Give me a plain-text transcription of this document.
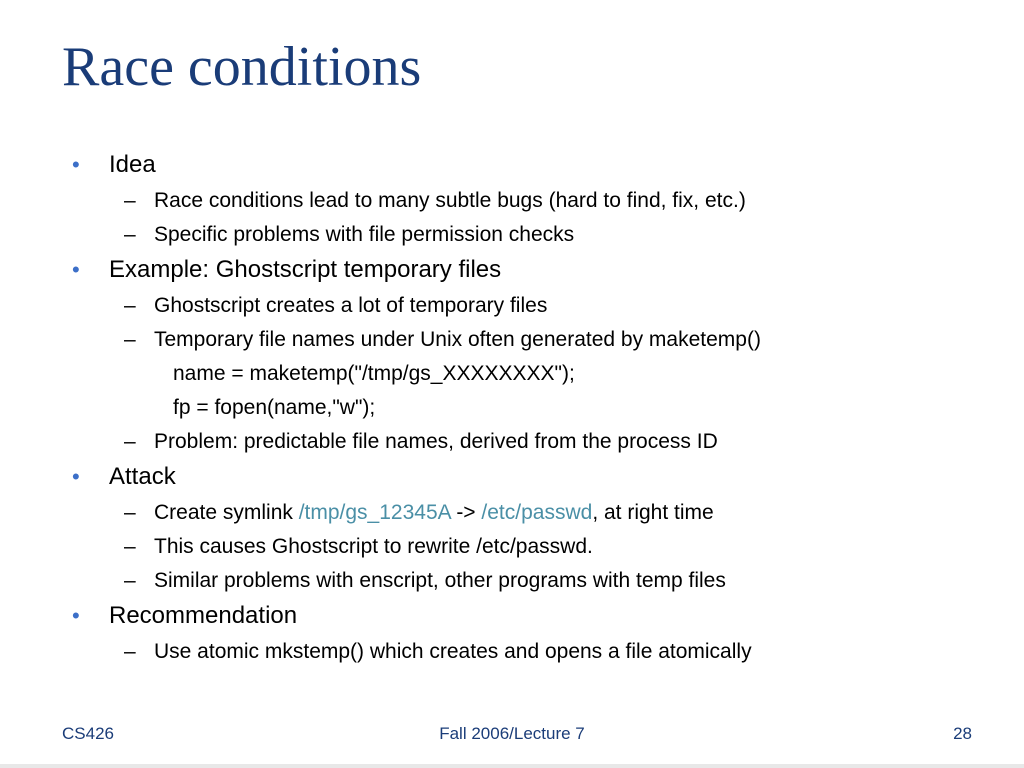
Race conditions
• Idea
– Race conditions lead to many subtle bugs (hard to find, fix, etc.)
– Specific problems with file permission checks
• Example: Ghostscript temporary files
– Ghostscript creates a lot of temporary files
– Temporary file names under Unix often generated by maketemp()
name = maketemp("/tmp/gs_XXXXXXXX");
fp = fopen(name,"w");
– Problem: predictable file names, derived from the process ID
• Attack
– Create symlink /tmp/gs_12345A -> /etc/passwd, at right time
– This causes Ghostscript to rewrite /etc/passwd.
– Similar problems with enscript, other programs with temp files
• Recommendation
– Use atomic mkstemp() which creates and opens a file atomically
CS426	Fall 2006/Lecture 7	28
